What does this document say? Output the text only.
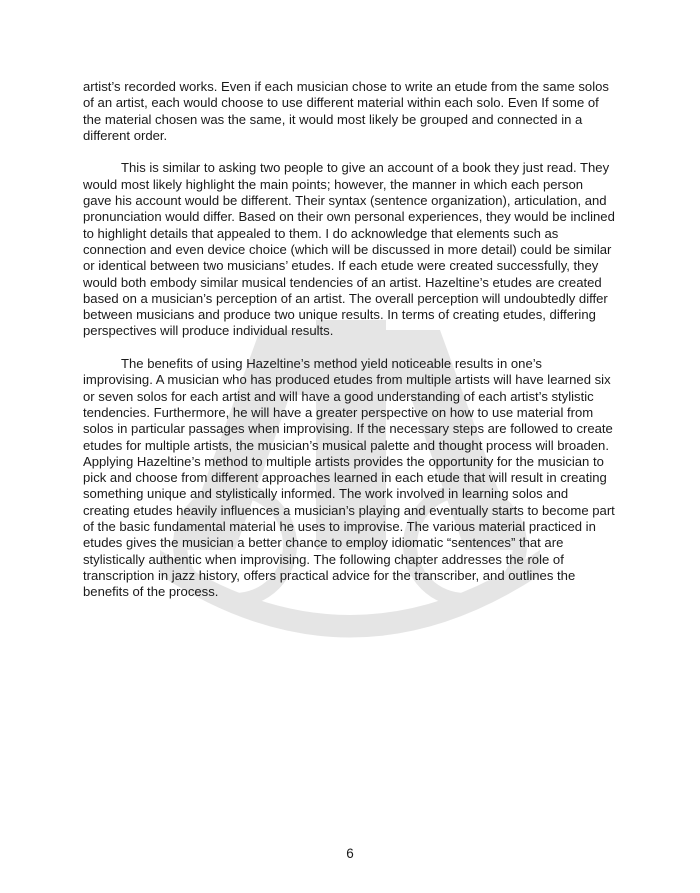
artist’s recorded works. Even if each musician chose to write an etude from the same solos of an artist, each would choose to use different material within each solo. Even If some of the material chosen was the same, it would most likely be grouped and connected in a different order.

This is similar to asking two people to give an account of a book they just read. They would most likely highlight the main points; however, the manner in which each person gave his account would be different. Their syntax (sentence organization), articulation, and pronunciation would differ. Based on their own personal experiences, they would be inclined to highlight details that appealed to them. I do acknowledge that elements such as connection and even device choice (which will be discussed in more detail) could be similar or identical between two musicians’ etudes. If each etude were created successfully, they would both embody similar musical tendencies of an artist. Hazeltine’s etudes are created based on a musician’s perception of an artist. The overall perception will undoubtedly differ between musicians and produce two unique results. In terms of creating etudes, differing perspectives will produce individual results.

The benefits of using Hazeltine’s method yield noticeable results in one’s improvising. A musician who has produced etudes from multiple artists will have learned six or seven solos for each artist and will have a good understanding of each artist’s stylistic tendencies. Furthermore, he will have a greater perspective on how to use material from solos in particular passages when improvising. If the necessary steps are followed to create etudes for multiple artists, the musician’s musical palette and thought process will broaden. Applying Hazeltine’s method to multiple artists provides the opportunity for the musician to pick and choose from different approaches learned in each etude that will result in creating something unique and stylistically informed. The work involved in learning solos and creating etudes heavily influences a musician’s playing and eventually starts to become part of the basic fundamental material he uses to improvise. The various material practiced in etudes gives the musician a better chance to employ idiomatic “sentences” that are stylistically authentic when improvising. The following chapter addresses the role of transcription in jazz history, offers practical advice for the transcriber, and outlines the benefits of the process.

6
